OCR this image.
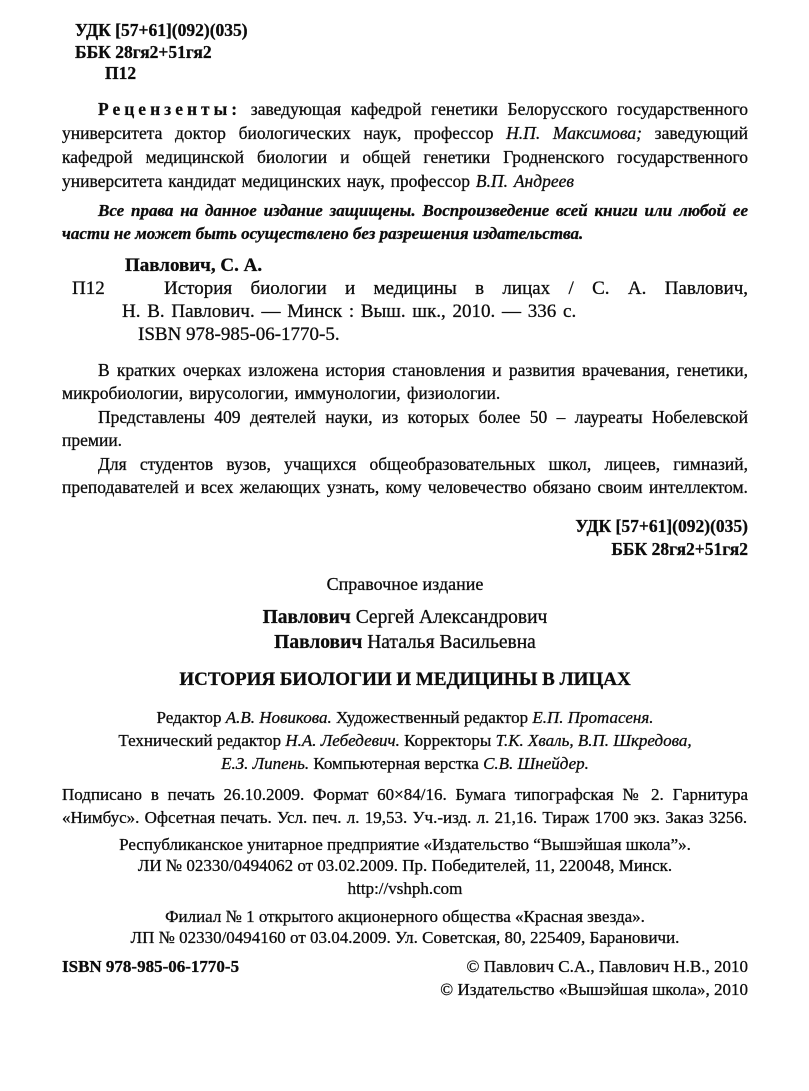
УДК [57+61](092)(035)
ББК 28гя2+51гя2
П12

Рецензенты: заведующая кафедрой генетики Белорусского государственного университета доктор биологических наук, профессор Н.П. Максимова; заведующий кафедрой медицинской биологии и общей генетики Гродненского государственного университета кандидат медицинских наук, профессор В.П. Андреев

Все права на данное издание защищены. Воспроизведение всей книги или любой ее части не может быть осуществлено без разрешения издательства.

Павлович, С. А.
П12	История биологии и медицины в лицах / С. А. Павлович,
Н. В. Павлович. — Минск : Выш. шк., 2010. — 336 с.
ISBN 978-985-06-1770-5.

В кратких очерках изложена история становления и развития врачевания, генетики, микробиологии, вирусологии, иммунологии, физиологии.

Представлены 409 деятелей науки, из которых более 50 – лауреаты Нобелевской премии.

Для студентов вузов, учащихся общеобразовательных школ, лицеев, гимназий, преподавателей и всех желающих узнать, кому человечество обязано своим интеллектом.

УДК [57+61](092)(035)
ББК 28гя2+51гя2
Справочное издание
Павлович Сергей Александрович
Павлович Наталья Васильевна
ИСТОРИЯ БИОЛОГИИ И МЕДИЦИНЫ В ЛИЦАХ
Редактор А.В. Новикова. Художественный редактор Е.П. Протасеня.
Технический редактор Н.А. Лебедевич. Корректоры Т.К. Хваль, В.П. Шкредова,
Е.З. Липень. Компьютерная верстка С.В. Шнейдер.

Подписано в печать 26.10.2009. Формат 60×84/16. Бумага типографская № 2. Гарнитура «Нимбус». Офсетная печать. Усл. печ. л. 19,53. Уч.-изд. л. 21,16. Тираж 1700 экз. Заказ 3256.

Республиканское унитарное предприятие «Издательство “Вышэйшая школа”».
ЛИ № 02330/0494062 от 03.02.2009. Пр. Победителей, 11, 220048, Минск.
http://vshph.com
Филиал № 1 открытого акционерного общества «Красная звезда».
ЛП № 02330/0494160 от 03.04.2009. Ул. Советская, 80, 225409, Барановичи.
ISBN 978-985-06-1770-5	© Павлович С.А., Павлович Н.В., 2010
© Издательство «Вышэйшая школа», 2010
